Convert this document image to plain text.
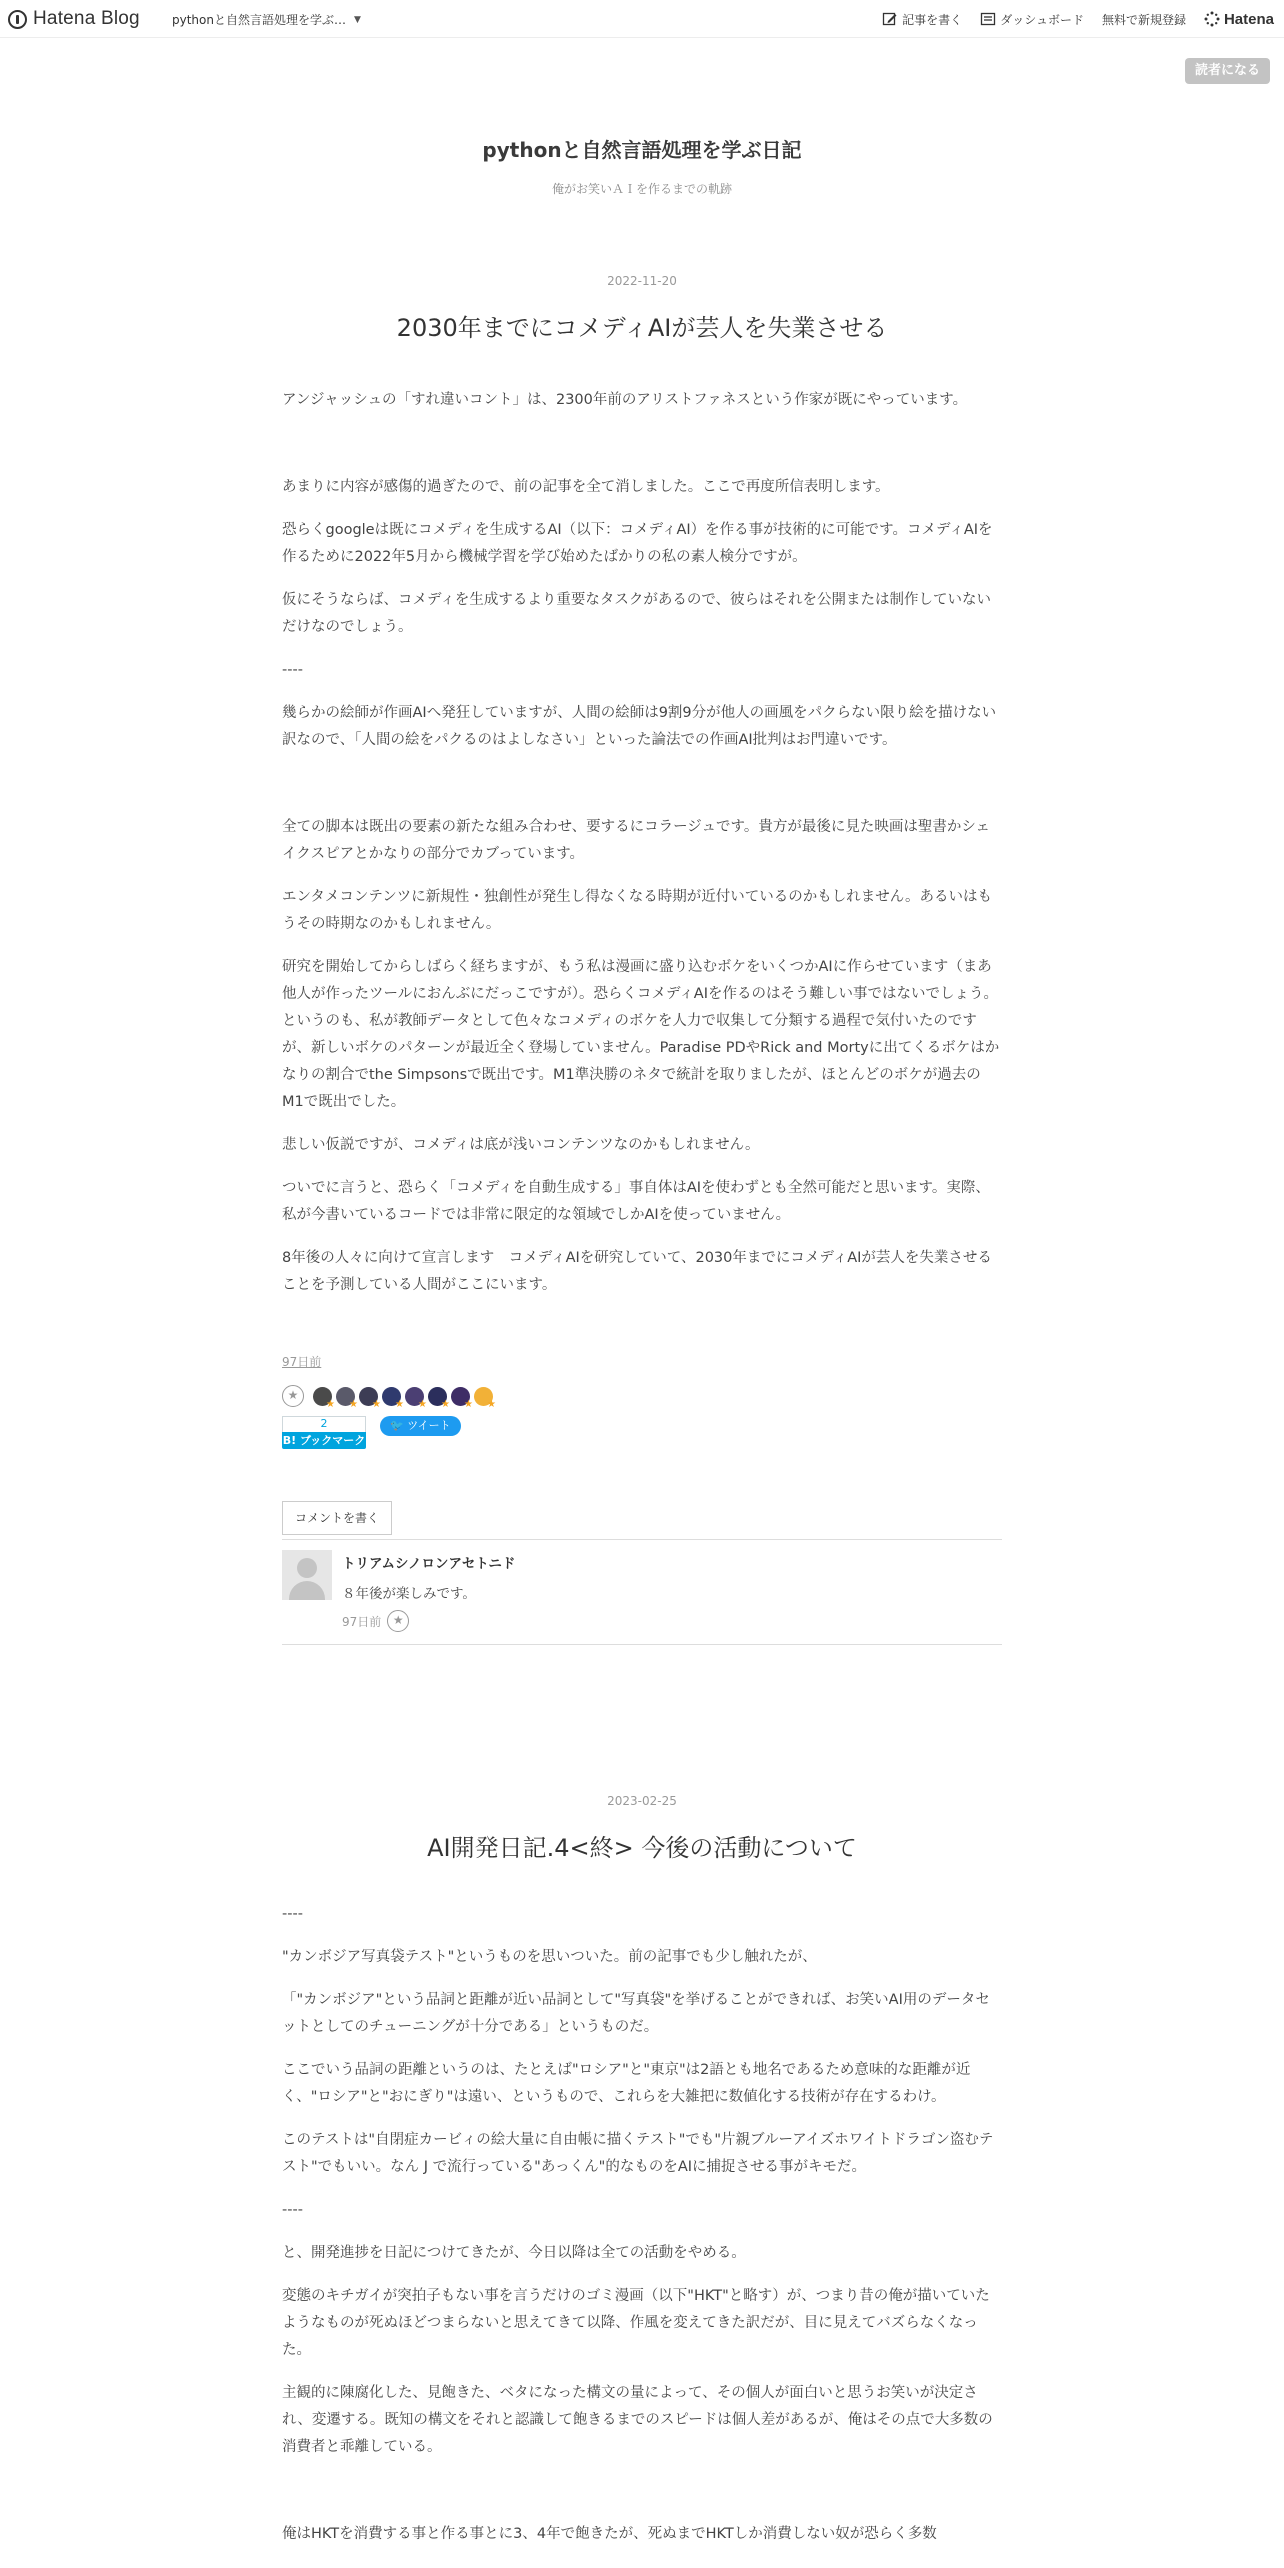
Hatena Blog	pythonと自然言語処理を学ぶ… ▼	記事を書く	ダッシュボード 無料で新規登録	Hatena
読者になる
pythonと自然言語処理を学ぶ日記
俺がお笑いＡＩを作るまでの軌跡
2022-11-20
2030年までにコメディAIが芸人を失業させる

アンジャッシュの「すれ違いコント」は、2300年前のアリストファネスという作家が既にやっています。

あまりに内容が感傷的過ぎたので、前の記事を全て消しました。ここで再度所信表明します。

恐らくgoogleは既にコメディを生成するAI（以下：コメディAI）を作る事が技術的に可能です。コメディAIを作るために2022年5月から機械学習を学び始めたばかりの私の素人検分ですが。

仮にそうならば、コメディを生成するより重要なタスクがあるので、彼らはそれを公開または制作していないだけなのでしょう。

----

幾らかの絵師が作画AIへ発狂していますが、人間の絵師は9割9分が他人の画風をパクらない限り絵を描けない訳なので、「人間の絵をパクるのはよしなさい」といった論法での作画AI批判はお門違いです。

全ての脚本は既出の要素の新たな組み合わせ、要するにコラージュです。貴方が最後に見た映画は聖書かシェイクスピアとかなりの部分でカブっています。

エンタメコンテンツに新規性・独創性が発生し得なくなる時期が近付いているのかもしれません。あるいはもうその時期なのかもしれません。

研究を開始してからしばらく経ちますが、もう私は漫画に盛り込むボケをいくつかAIに作らせています（まあ他人が作ったツールにおんぶにだっこですが）。恐らくコメディAIを作るのはそう難しい事ではないでしょう。というのも、私が教師データとして色々なコメディのボケを人力で収集して分類する過程で気付いたのですが、新しいボケのパターンが最近全く登場していません。Paradise PDやRick and Mortyに出てくるボケはかなりの割合でthe Simpsonsで既出です。M1準決勝のネタで統計を取りましたが、ほとんどのボケが過去のM1で既出でした。

悲しい仮説ですが、コメディは底が浅いコンテンツなのかもしれません。

ついでに言うと、恐らく「コメディを自動生成する」事自体はAIを使わずとも全然可能だと思います。実際、私が今書いているコードでは非常に限定的な領域でしかAIを使っていません。

8年後の人々に向けて宣言します　コメディAIを研究していて、2030年までにコメディAIが芸人を失業させることを予測している人間がここにいます。

97日前
★
★
★
★
★
★
★
★
★
2
B! ブックマーク
🐦 ツイート
コメントを書く
トリアムシノロンアセトニド
８年後が楽しみです。
97日前 ★
2023-02-25
AI開発日記.4<終> 今後の活動について

----

"カンボジア写真袋テスト"というものを思いついた。前の記事でも少し触れたが、

「"カンボジア"という品詞と距離が近い品詞として"写真袋"を挙げることができれば、お笑いAI用のデータセットとしてのチューニングが十分である」というものだ。

ここでいう品詞の距離というのは、たとえば"ロシア"と"東京"は2語とも地名であるため意味的な距離が近く、"ロシア"と"おにぎり"は遠い、というもので、これらを大雑把に数値化する技術が存在するわけ。

このテストは"自閉症カービィの絵大量に自由帳に描くテスト"でも"片親ブルーアイズホワイトドラゴン盗むテスト"でもいい。なん J で流行っている"あっくん"的なものをAIに捕捉させる事がキモだ。

----

と、開発進捗を日記につけてきたが、今日以降は全ての活動をやめる。

変態のキチガイが突拍子もない事を言うだけのゴミ漫画（以下"HKT"と略す）が、つまり昔の俺が描いていたようなものが死ぬほどつまらないと思えてきて以降、作風を変えてきた訳だが、目に見えてバズらなくなった。

主観的に陳腐化した、見飽きた、ベタになった構文の量によって、その個人が面白いと思うお笑いが決定され、変遷する。既知の構文をそれと認識して飽きるまでのスピードは個人差があるが、俺はその点で大多数の消費者と乖離している。

俺はHKTを消費する事と作る事とに3、4年で飽きたが、死ぬまでHKTしか消費しない奴が恐らく多数
